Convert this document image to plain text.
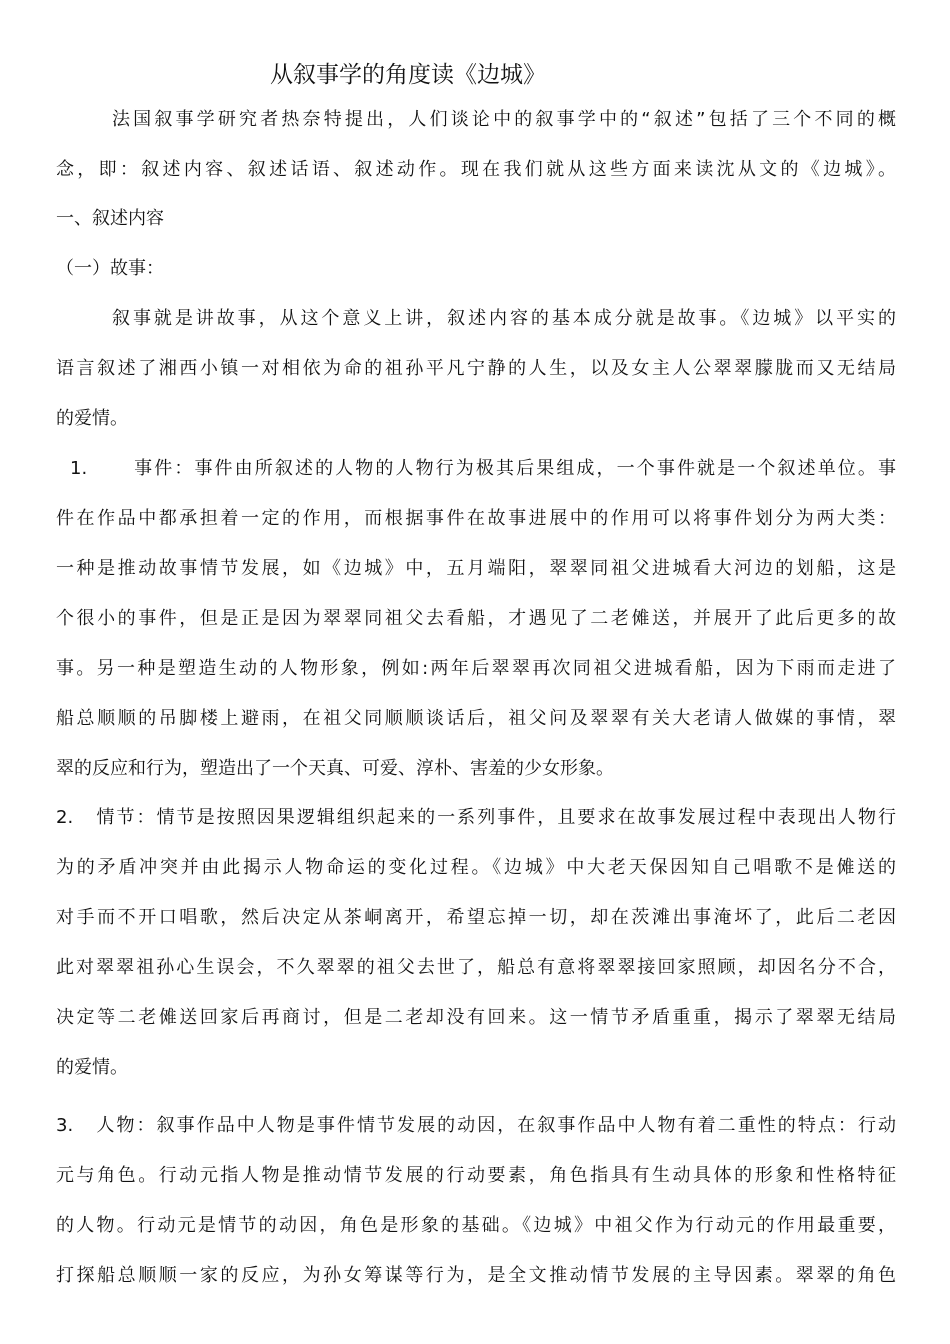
从叙事学的角度读《边城》
法国叙事学研究者热奈特提出，人们谈论中的叙事学中的“叙述”包括了三个不同的概
念，即：叙述内容、叙述话语、叙述动作。现在我们就从这些方面来读沈从文的《边城》。
一、叙述内容
（一）故事：
叙事就是讲故事，从这个意义上讲，叙述内容的基本成分就是故事。《边城》以平实的
语言叙述了湘西小镇一对相依为命的祖孙平凡宁静的人生，以及女主人公翠翠朦胧而又无结局
的爱情。
1.      事件：事件由所叙述的人物的人物行为极其后果组成，一个事件就是一个叙述单位。事
件在作品中都承担着一定的作用，而根据事件在故事进展中的作用可以将事件划分为两大类：
一种是推动故事情节发展，如《边城》中，五月端阳，翠翠同祖父进城看大河边的划船，这是
个很小的事件，但是正是因为翠翠同祖父去看船，才遇见了二老傩送，并展开了此后更多的故
事。另一种是塑造生动的人物形象，例如:两年后翠翠再次同祖父进城看船，因为下雨而走进了
船总顺顺的吊脚楼上避雨，在祖父同顺顺谈话后，祖父问及翠翠有关大老请人做媒的事情，翠
翠的反应和行为，塑造出了一个天真、可爱、淳朴、害羞的少女形象。
2.   情节：情节是按照因果逻辑组织起来的一系列事件，且要求在故事发展过程中表现出人物行
为的矛盾冲突并由此揭示人物命运的变化过程。《边城》中大老天保因知自己唱歌不是傩送的
对手而不开口唱歌，然后决定从茶峒离开，希望忘掉一切，却在茨滩出事淹坏了，此后二老因
此对翠翠祖孙心生误会，不久翠翠的祖父去世了，船总有意将翠翠接回家照顾，却因名分不合，
决定等二老傩送回家后再商讨，但是二老却没有回来。这一情节矛盾重重，揭示了翠翠无结局
的爱情。
3.   人物：叙事作品中人物是事件情节发展的动因，在叙事作品中人物有着二重性的特点：行动
元与角色。行动元指人物是推动情节发展的行动要素，角色指具有生动具体的形象和性格特征
的人物。行动元是情节的动因，角色是形象的基础。《边城》中祖父作为行动元的作用最重要，
打探船总顺顺一家的反应，为孙女筹谋等行为，是全文推动情节发展的主导因素。翠翠的角色
